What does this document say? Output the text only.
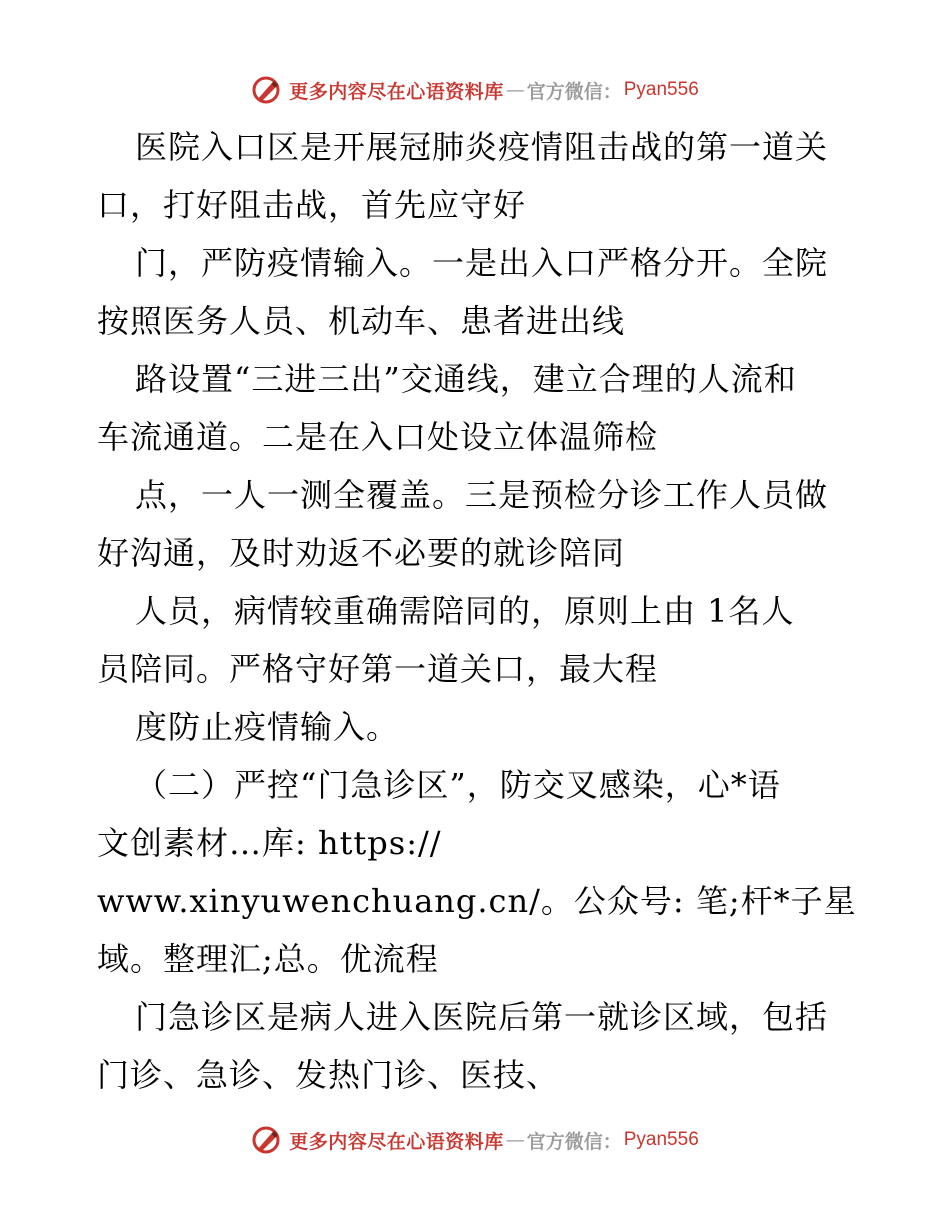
更多内容尽在心语资料库 — 官方微信： Pyan556
医院入口区是开展冠肺炎疫情阻击战的第一道关
口，打好阻击战，首先应守好
门，严防疫情输入。一是出入口严格分开。全院
按照医务人员、机动车、患者进出线
路设置“三进三出”交通线，建立合理的人流和
车流通道。二是在入口处设立体温筛检
点，一人一测全覆盖。三是预检分诊工作人员做
好沟通，及时劝返不必要的就诊陪同
人员，病情较重确需陪同的，原则上由 1名人
员陪同。严格守好第一道关口，最大程
度防止疫情输入。
（二）严控“门急诊区”，防交叉感染，心*语
文创素材…库: https://
www.xinyuwenchuang.cn/。公众号: 笔;杆*子星
域。整理汇;总。优流程
门急诊区是病人进入医院后第一就诊区域，包括
门诊、急诊、发热门诊、医技、
更多内容尽在心语资料库 — 官方微信： Pyan556
